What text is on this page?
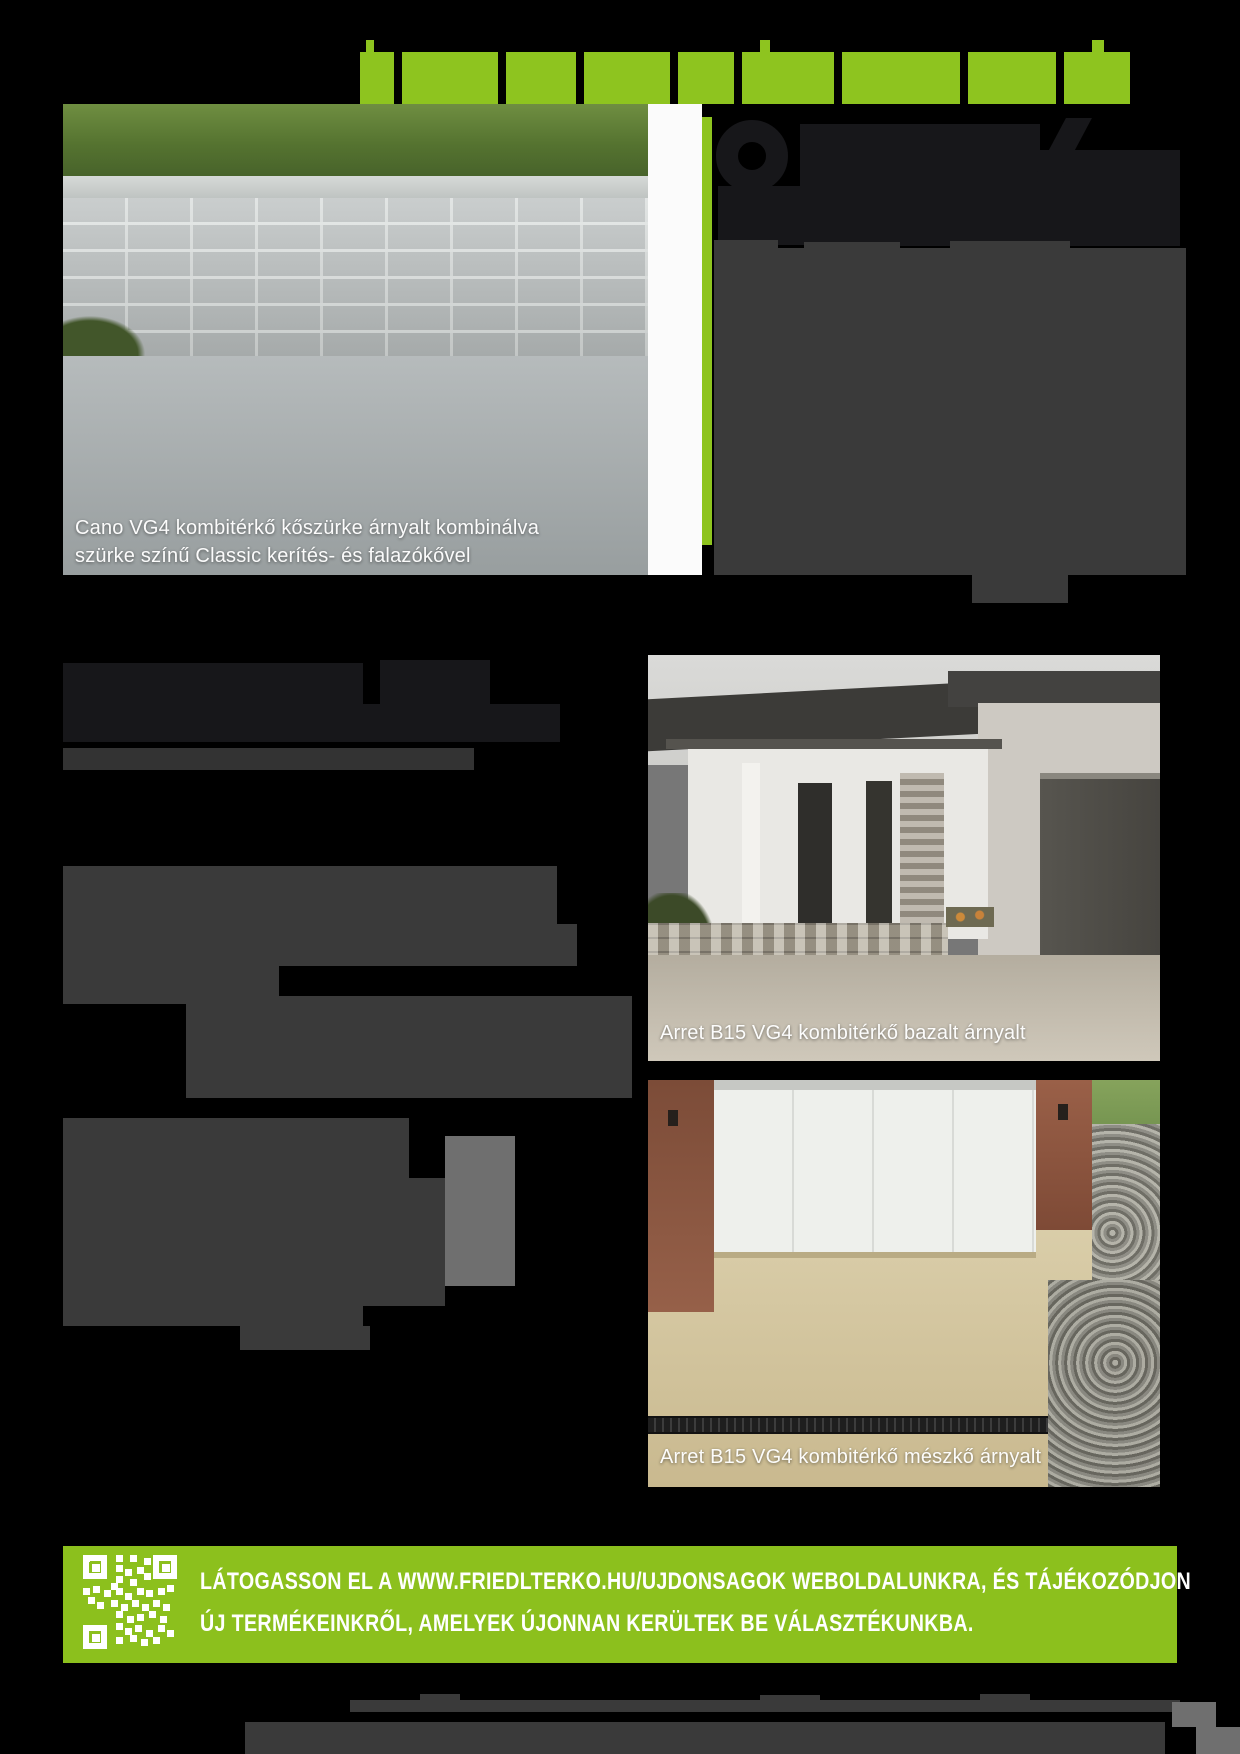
Cano VG4 kombitérkő kőszürke árnyalt kombinálva
szürke színű Classic kerítés- és falazókővel
Arret B15 VG4 kombitérkő bazalt árnyalt
Arret B15 VG4 kombitérkő mészkő árnyalt
LÁTOGASSON EL A WWW.FRIEDLTERKO.HU/UJDONSAGOK WEBOLDALUNKRA, ÉS TÁJÉKOZÓDJON
ÚJ TERMÉKEINKRŐL, AMELYEK ÚJONNAN KERÜLTEK BE VÁLASZTÉKUNKBA.
